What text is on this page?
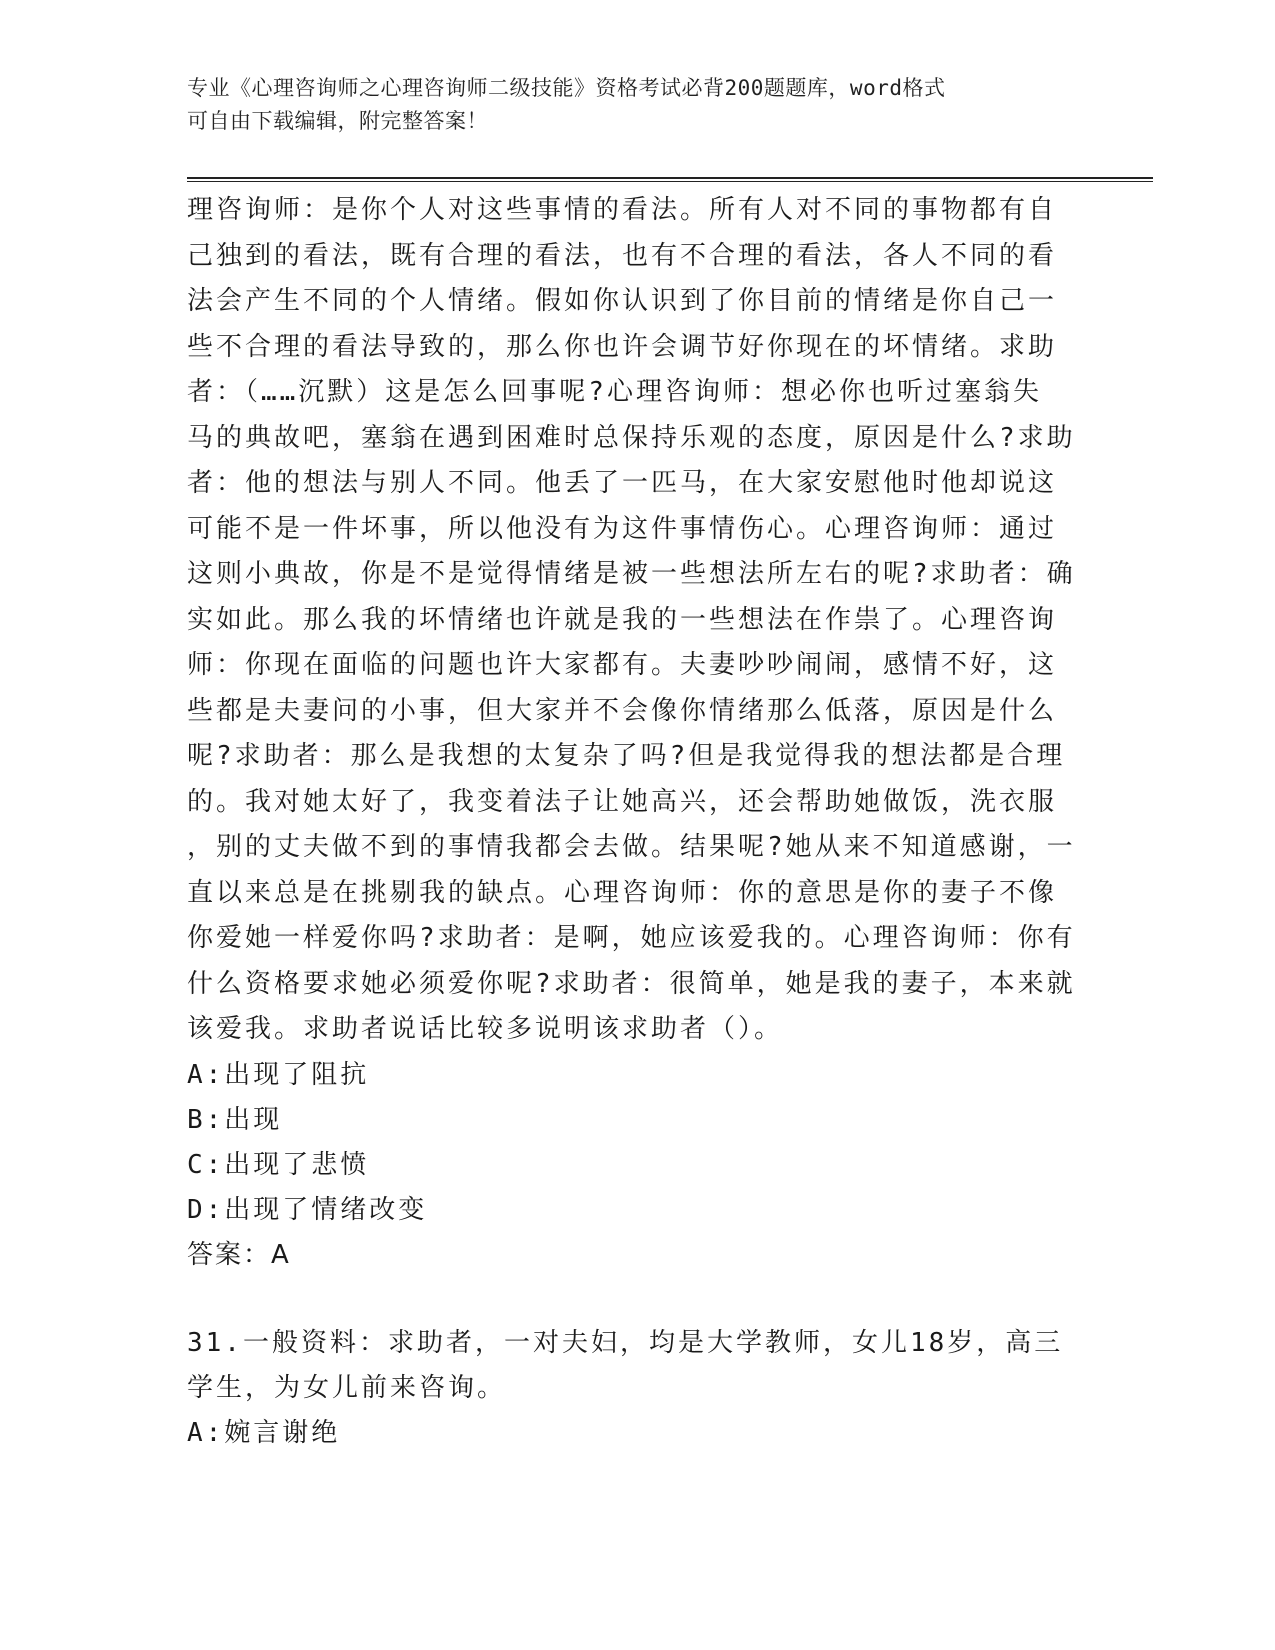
专业《心理咨询师之心理咨询师二级技能》资格考试必背200题题库，word格式
可自由下载编辑，附完整答案！
理咨询师：是你个人对这些事情的看法。所有人对不同的事物都有自
己独到的看法，既有合理的看法，也有不合理的看法，各人不同的看
法会产生不同的个人情绪。假如你认识到了你目前的情绪是你自己一
些不合理的看法导致的，那么你也许会调节好你现在的坏情绪。求助
者：（……沉默）这是怎么回事呢?心理咨询师：想必你也听过塞翁失
马的典故吧，塞翁在遇到困难时总保持乐观的态度，原因是什么?求助
者：他的想法与别人不同。他丢了一匹马，在大家安慰他时他却说这
可能不是一件坏事，所以他没有为这件事情伤心。心理咨询师：通过
这则小典故，你是不是觉得情绪是被一些想法所左右的呢?求助者：确
实如此。那么我的坏情绪也许就是我的一些想法在作祟了。心理咨询
师：你现在面临的问题也许大家都有。夫妻吵吵闹闹，感情不好，这
些都是夫妻问的小事，但大家并不会像你情绪那么低落，原因是什么
呢?求助者：那么是我想的太复杂了吗?但是我觉得我的想法都是合理
的。我对她太好了，我变着法子让她高兴，还会帮助她做饭，洗衣服
，别的丈夫做不到的事情我都会去做。结果呢?她从来不知道感谢，一
直以来总是在挑剔我的缺点。心理咨询师：你的意思是你的妻子不像
你爱她一样爱你吗?求助者：是啊，她应该爱我的。心理咨询师：你有
什么资格要求她必须爱你呢?求助者：很简单，她是我的妻子，本来就
该爱我。求助者说话比较多说明该求助者（）。
A:出现了阻抗
B:出现
C:出现了悲愤
D:出现了情绪改变
答案：A
31.一般资料：求助者，一对夫妇，均是大学教师，女儿18岁，高三
学生，为女儿前来咨询。
A:婉言谢绝
